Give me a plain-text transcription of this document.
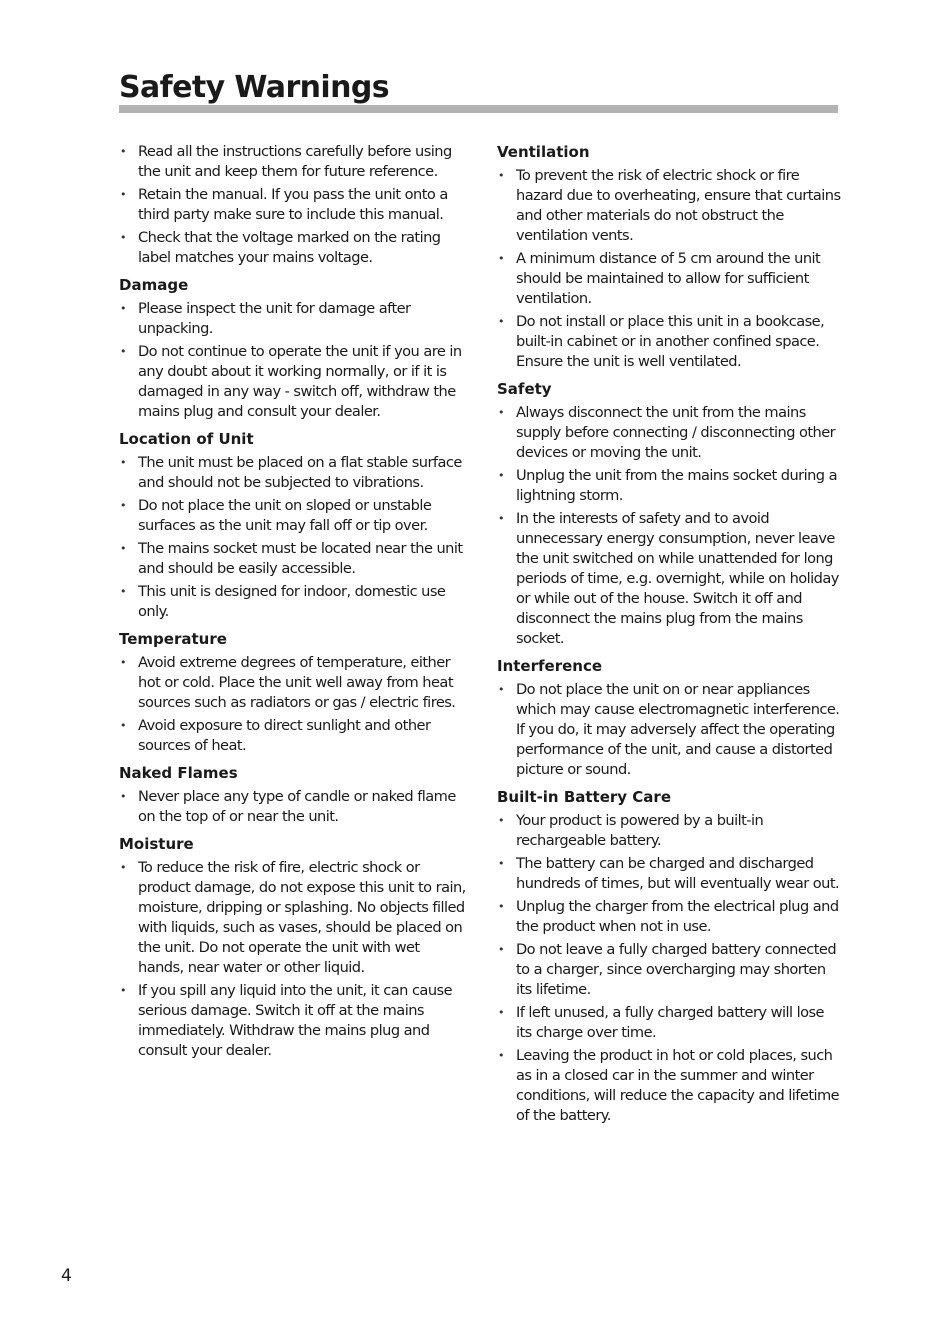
Safety Warnings
• Read all the instructions carefully before using the unit and keep them for future reference.
• Retain the manual. If you pass the unit onto a third party make sure to include this manual.
• Check that the voltage marked on the rating label matches your mains voltage.
Damage
• Please inspect the unit for damage after unpacking.
• Do not continue to operate the unit if you are in any doubt about it working normally, or if it is damaged in any way - switch off, withdraw the mains plug and consult your dealer.
Location of Unit
• The unit must be placed on a flat stable surface and should not be subjected to vibrations.
• Do not place the unit on sloped or unstable surfaces as the unit may fall off or tip over.
• The mains socket must be located near the unit and should be easily accessible.
• This unit is designed for indoor, domestic use only.
Temperature
• Avoid extreme degrees of temperature, either hot or cold. Place the unit well away from heat sources such as radiators or gas / electric fires.
• Avoid exposure to direct sunlight and other sources of heat.
Naked Flames
• Never place any type of candle or naked flame on the top of or near the unit.
Moisture
• To reduce the risk of fire, electric shock or product damage, do not expose this unit to rain, moisture, dripping or splashing. No objects filled with liquids, such as vases, should be placed on the unit. Do not operate the unit with wet hands, near water or other liquid.
• If you spill any liquid into the unit, it can cause serious damage. Switch it off at the mains immediately. Withdraw the mains plug and consult your dealer.
Ventilation
• To prevent the risk of electric shock or fire hazard due to overheating, ensure that curtains and other materials do not obstruct the ventilation vents.
• A minimum distance of 5 cm around the unit should be maintained to allow for sufficient ventilation.
• Do not install or place this unit in a bookcase, built-in cabinet or in another confined space. Ensure the unit is well ventilated.
Safety
• Always disconnect the unit from the mains supply before connecting / disconnecting other devices or moving the unit.
• Unplug the unit from the mains socket during a lightning storm.
• In the interests of safety and to avoid unnecessary energy consumption, never leave the unit switched on while unattended for long periods of time, e.g. overnight, while on holiday or while out of the house. Switch it off and disconnect the mains plug from the mains socket.
Interference
• Do not place the unit on or near appliances which may cause electromagnetic interference. If you do, it may adversely affect the operating performance of the unit, and cause a distorted picture or sound.
Built-in Battery Care
• Your product is powered by a built-in rechargeable battery.
• The battery can be charged and discharged hundreds of times, but will eventually wear out.
• Unplug the charger from the electrical plug and the product when not in use.
• Do not leave a fully charged battery connected to a charger, since overcharging may shorten its lifetime.
• If left unused, a fully charged battery will lose its charge over time.
• Leaving the product in hot or cold places, such as in a closed car in the summer and winter conditions, will reduce the capacity and lifetime of the battery.
4
